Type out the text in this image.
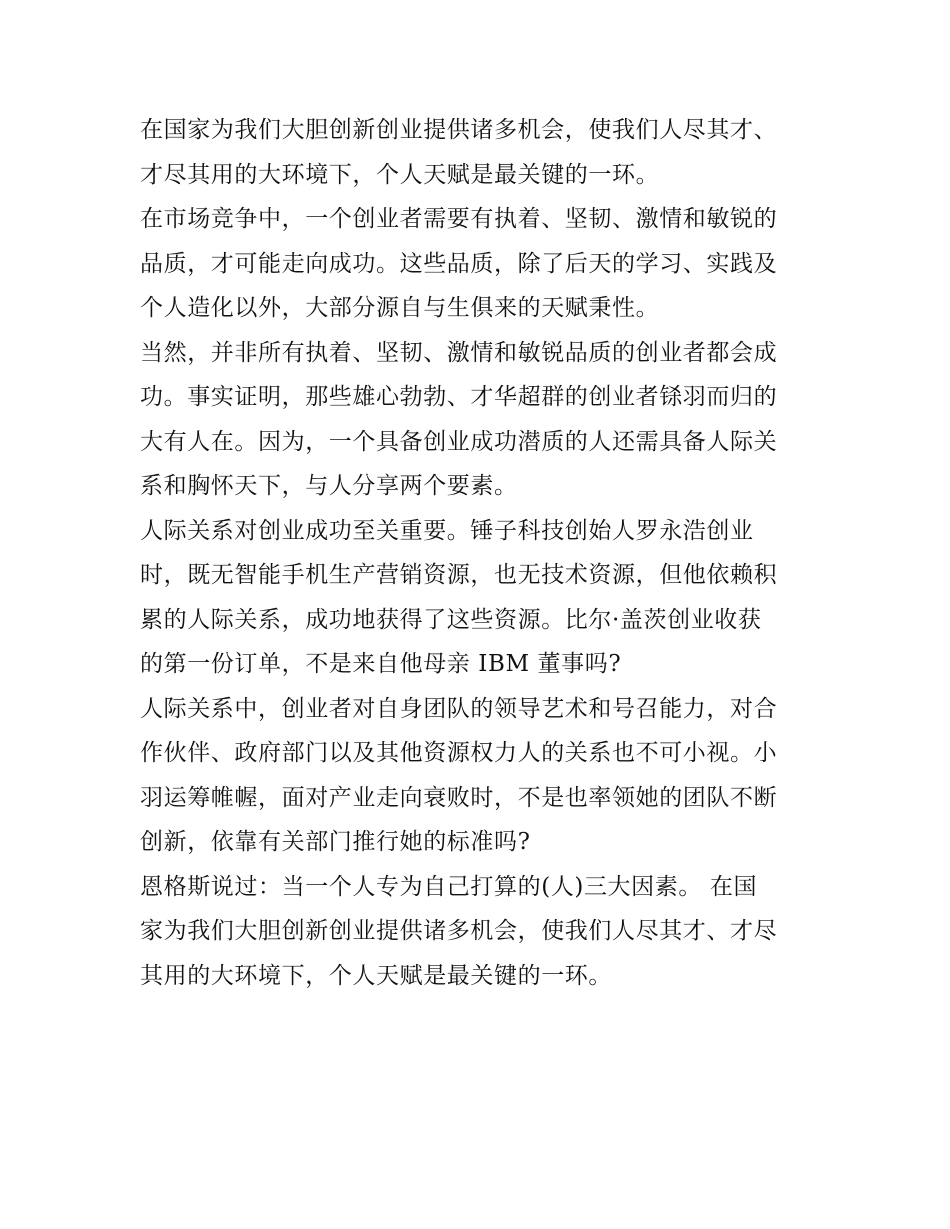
在国家为我们大胆创新创业提供诸多机会，使我们人尽其才、
才尽其用的大环境下，个人天赋是最关键的一环。
在市场竞争中，一个创业者需要有执着、坚韧、激情和敏锐的
品质，才可能走向成功。这些品质，除了后天的学习、实践及
个人造化以外，大部分源自与生俱来的天赋秉性。
当然，并非所有执着、坚韧、激情和敏锐品质的创业者都会成
功。事实证明，那些雄心勃勃、才华超群的创业者铩羽而归的
大有人在。因为，一个具备创业成功潜质的人还需具备人际关
系和胸怀天下，与人分享两个要素。
人际关系对创业成功至关重要。锤子科技创始人罗永浩创业
时，既无智能手机生产营销资源，也无技术资源，但他依赖积
累的人际关系，成功地获得了这些资源。比尔·盖茨创业收获
的第一份订单，不是来自他母亲 IBM 董事吗?
人际关系中，创业者对自身团队的领导艺术和号召能力，对合
作伙伴、政府部门以及其他资源权力人的关系也不可小视。小
羽运筹帷幄，面对产业走向衰败时，不是也率领她的团队不断
创新，依靠有关部门推行她的标准吗?
恩格斯说过：当一个人专为自己打算的(人)三大因素。 在国
家为我们大胆创新创业提供诸多机会，使我们人尽其才、才尽
其用的大环境下，个人天赋是最关键的一环。
